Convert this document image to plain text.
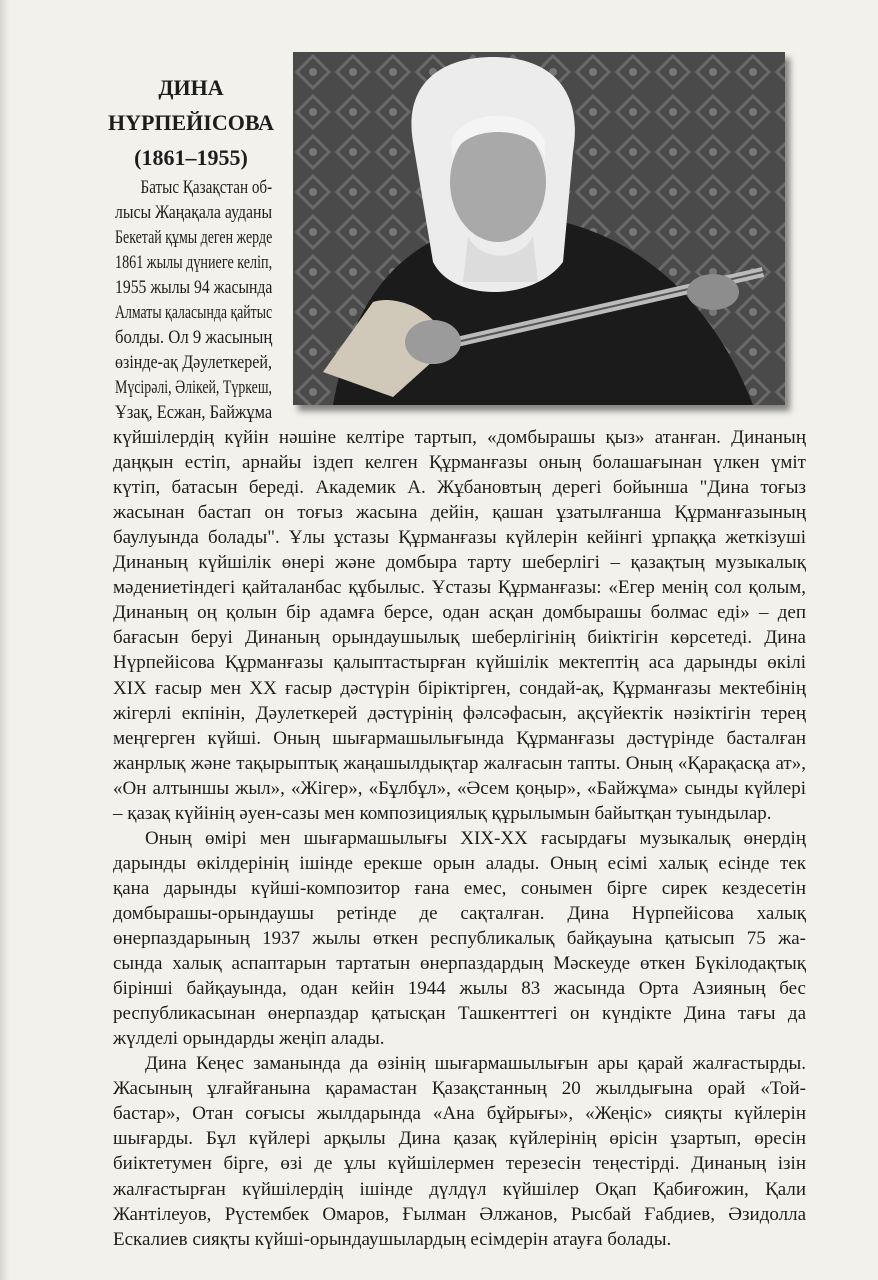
ДИНА
НҮРПЕЙІСОВА
(1861–1955)
Батыс Қазақстан об-
лысы Жаңақала ауданы
Бекетай құмы деген жерде
1861 жылы дүниеге келіп,
1955 жылы 94 жасында
Алматы қаласында қайтыс
болды. Ол 9 жасының
өзінде-ақ Дәулеткерей,
Мүсірәлі, Әлікей, Түркеш,
Ұзақ, Есжан, Байжұма
күйшілердің күйін нәшіне келтіре тартып, «домбырашы қыз» атанған. Динаның
даңқын естіп, арнайы іздеп келген Құрманғазы оның болашағынан үлкен үміт
күтіп, батасын береді. Академик А. Жұбановтың дерегі бойынша "Дина тоғыз
жасынан бастап он тоғыз жасына дейін, қашан ұзатылғанша Құрманғазының
баулуында болады". Ұлы ұстазы Құрманғазы күйлерін кейінгі ұрпаққа жеткізуші
Динаның күйшілік өнері және домбыра тарту шеберлігі – қазақтың музыкалық
мәдениетіндегі қайталанбас құбылыс. Ұстазы Құрманғазы: «Егер менің сол қолым,
Динаның оң қолын бір адамға берсе, одан асқан домбырашы болмас еді» – деп
бағасын беруі Динаның орындаушылық шеберлігінің биіктігін көрсетеді. Дина
Нүрпейісова Құрманғазы қалыптастырған күйшілік мектептің аса дарынды өкілі
XIX ғасыр мен XX ғасыр дәстүрін біріктірген, сондай-ақ, Құрманғазы мектебінің
жігерлі екпінін, Дәулеткерей дәстүрінің фәлсәфасын, ақсүйектік нәзіктігін терең
меңгерген күйші. Оның шығармашылығында Құрманғазы дәстүрінде басталған
жанрлық және тақырыптық жаңашылдықтар жалғасын тапты. Оның «Қарақасқа ат»,
«Он алтыншы жыл», «Жігер», «Бұлбұл», «Әсем қоңыр», «Байжұма» сынды күйлері
– қазақ күйінің әуен-сазы мен композициялық құрылымын байытқан туындылар.
Оның өмірі мен шығармашылығы XIX-XX ғасырдағы музыкалық өнердің
дарынды өкілдерінің ішінде ерекше орын алады. Оның есімі халық есінде тек
қана дарынды күйші-композитор ғана емес, сонымен бірге сирек кездесетін
домбырашы-орындаушы ретінде де сақталған. Дина Нүрпейісова халық
өнерпаздарының 1937 жылы өткен республикалық байқауына қатысып 75 жа-
сында халық аспаптарын тартатын өнерпаздардың Мәскеуде өткен Бүкілодақтық
бірінші байқауында, одан кейін 1944 жылы 83 жасында Орта Азияның бес
республикасынан өнерпаздар қатысқан Ташкенттегі он күндікте Дина тағы да
жүлделі орындарды жеңіп алады.
Дина Кеңес заманында да өзінің шығармашылығын ары қарай жалғастырды.
Жасының ұлғайғанына қарамастан Қазақстанның 20 жылдығына орай «Той-
бастар», Отан соғысы жылдарында «Ана бұйрығы», «Жеңіс» сияқты күйлерін
шығарды. Бұл күйлері арқылы Дина қазақ күйлерінің өрісін ұзартып, өресін
биіктетумен бірге, өзі де ұлы күйшілермен терезесін теңестірді. Динаның ізін
жалғастырған күйшілердің ішінде дүлдүл күйшілер Оқап Қабиғожин, Қали
Жантілеуов, Рүстембек Омаров, Ғылман Әлжанов, Рысбай Ғабдиев, Әзидолла
Ескалиев сияқты күйші-орындаушылардың есімдерін атауға болады.
